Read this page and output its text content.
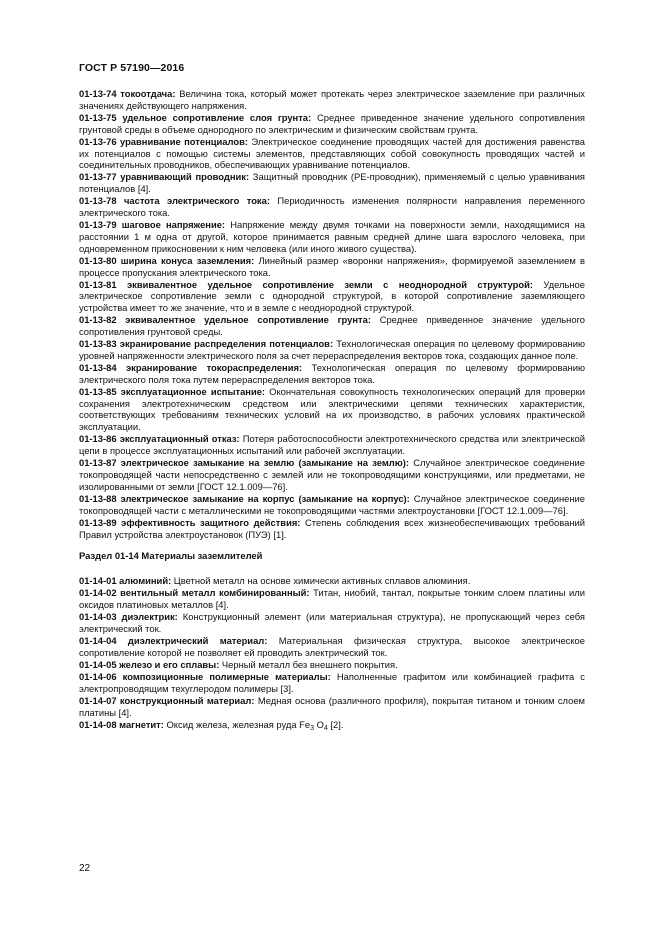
ГОСТ Р 57190—2016

01-13-74 токоотдача: Величина тока, который может протекать через электрическое заземление при различных значениях действующего напряжения.

01-13-75 удельное сопротивление слоя грунта: Среднее приведенное значение удельного сопротивления грунтовой среды в объеме однородного по электрическим и физическим свойствам грунта.

01-13-76 уравнивание потенциалов: Электрическое соединение проводящих частей для достижения равенства их потенциалов с помощью системы элементов, представляющих собой совокупность проводящих частей и соединительных проводников, обеспечивающих уравнивание потенциалов.

01-13-77 уравнивающий проводник: Защитный проводник (РЕ-проводник), применяемый с целью уравнивания потенциалов [4].

01-13-78 частота электрического тока: Периодичность изменения полярности направления переменного электрического тока.

01-13-79 шаговое напряжение: Напряжение между двумя точками на поверхности земли, находящимися на расстоянии 1 м одна от другой, которое принимается равным средней длине шага взрослого человека, при одновременном прикосновении к ним человека (или иного живого существа).

01-13-80 ширина конуса заземления: Линейный размер «воронки напряжения», формируемой заземлением в процессе пропускания электрического тока.

01-13-81 эквивалентное удельное сопротивление земли с неоднородной структурой: Удельное электрическое сопротивление земли с однородной структурой, в которой сопротивление заземляющего устройства имеет то же значение, что и в земле с неоднородной структурой.

01-13-82 эквивалентное удельное сопротивление грунта: Среднее приведенное значение удельного сопротивления грунтовой среды.

01-13-83 экранирование распределения потенциалов: Технологическая операция по целевому формированию уровней напряженности электрического поля за счет перераспределения векторов тока, создающих данное поле.

01-13-84 экранирование токораспределения: Технологическая операция по целевому формированию электрического поля тока путем перераспределения векторов тока.

01-13-85 эксплуатационное испытание: Окончательная совокупность технологических операций для проверки сохранения электротехническим средством или электрическими цепями технических характеристик, соответствующих требованиям технических условий на их производство, в рабочих условиях практической эксплуатации.

01-13-86 эксплуатационный отказ: Потеря работоспособности электротехнического средства или электрической цепи в процессе эксплуатационных испытаний или рабочей эксплуатации.

01-13-87 электрическое замыкание на землю (замыкание на землю): Случайное электрическое соединение токопроводящей части непосредственно с землей или не токопроводящими конструкциями, или предметами, не изолированными от земли [ГОСТ 12.1.009—76].

01-13-88 электрическое замыкание на корпус (замыкание на корпус): Случайное электрическое соединение токопроводящей части с металлическими не токопроводящими частями электроустановки [ГОСТ 12.1.009—76].

01-13-89 эффективность защитного действия: Степень соблюдения всех жизнеобеспечивающих требований Правил устройства электроустановок (ПУЭ) [1].

Раздел 01-14 Материалы заземлителей

01-14-01 алюминий: Цветной металл на основе химически активных сплавов алюминия.

01-14-02 вентильный металл комбинированный: Титан, ниобий, тантал, покрытые тонким слоем платины или оксидов платиновых металлов [4].

01-14-03 диэлектрик: Конструкционный элемент (или материальная структура), не пропускающий через себя электрический ток.

01-14-04 диэлектрический материал: Материальная физическая структура, высокое электрическое сопротивление которой не позволяет ей проводить электрический ток.

01-14-05 железо и его сплавы: Черный металл без внешнего покрытия.

01-14-06 композиционные полимерные материалы: Наполненные графитом или комбинацией графита с электропроводящим техуглеродом полимеры [3].

01-14-07 конструкционный материал: Медная основа (различного профиля), покрытая титаном и тонким слоем платины [4].

01-14-08 магнетит: Оксид железа, железная руда $Fe_3$ $O_4$ [2].

22
